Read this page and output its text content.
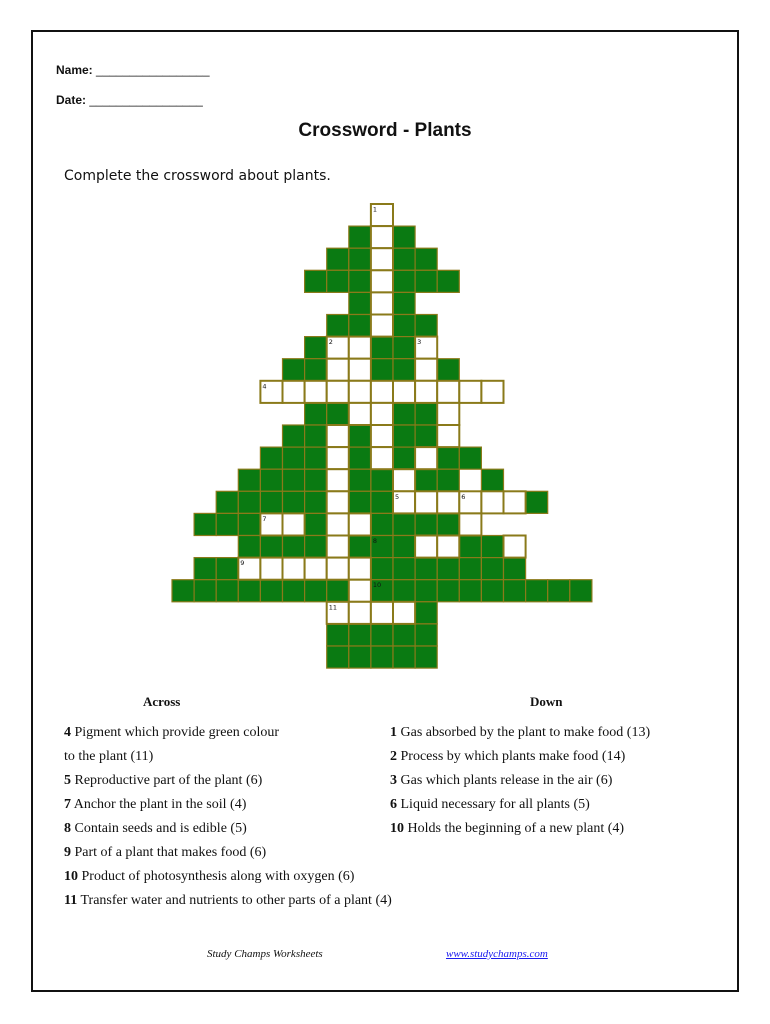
Name: _________________
Date: _________________
Crossword - Plants
Complete the crossword about plants.
1
2	3
4
5	6
7
8
9
10
11
Across	Down
4 Pigment which provide green colour
to the plant (11)
5 Reproductive part of the plant (6)
7 Anchor the plant in the soil (4)
8 Contain seeds and is edible (5)
9 Part of a plant that makes food (6)
10 Product of photosynthesis along with oxygen (6)
11 Transfer water and nutrients to other parts of a plant (4)
1 Gas absorbed by the plant to make food (13)
2 Process by which plants make food (14)
3 Gas which plants release in the air (6)
6 Liquid necessary for all plants (5)
10 Holds the beginning of a new plant (4)
Study Champs Worksheets	www.studychamps.com
